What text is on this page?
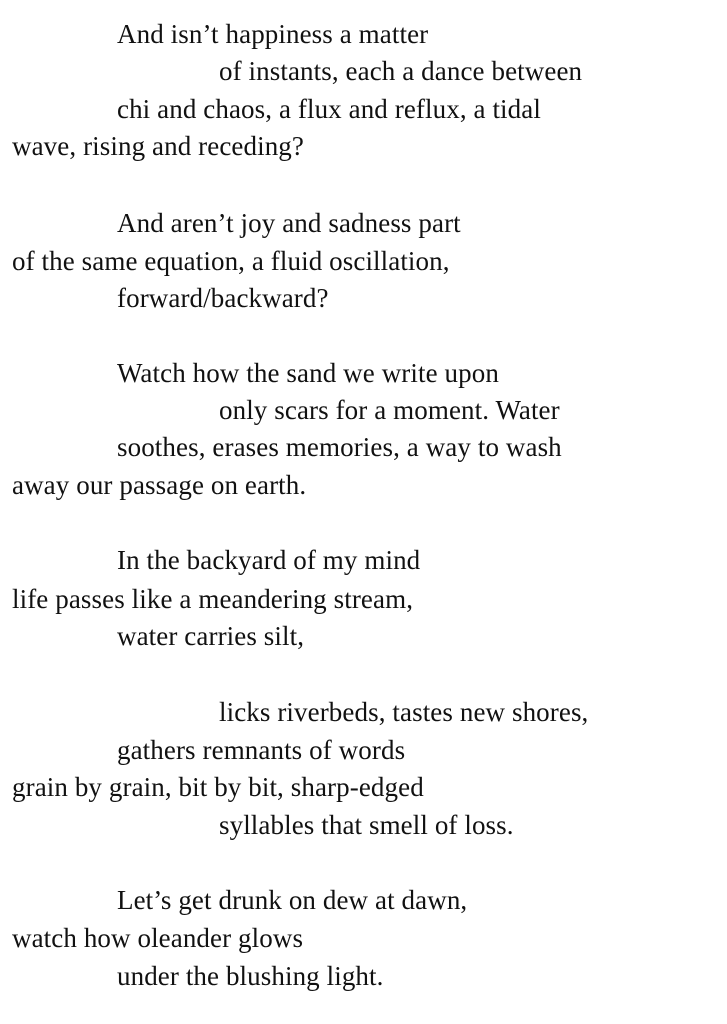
And isn’t happiness a matter
of instants, each a dance between
chi and chaos, a flux and reflux, a tidal
wave, rising and receding?
And aren’t joy and sadness part
of the same equation, a fluid oscillation,
forward/backward?
Watch how the sand we write upon
only scars for a moment. Water
soothes, erases memories, a way to wash
away our passage on earth.
In the backyard of my mind
life passes like a meandering stream,
water carries silt,
licks riverbeds, tastes new shores,
gathers remnants of words
grain by grain, bit by bit, sharp-edged
syllables that smell of loss.
Let’s get drunk on dew at dawn,
watch how oleander glows
under the blushing light.
